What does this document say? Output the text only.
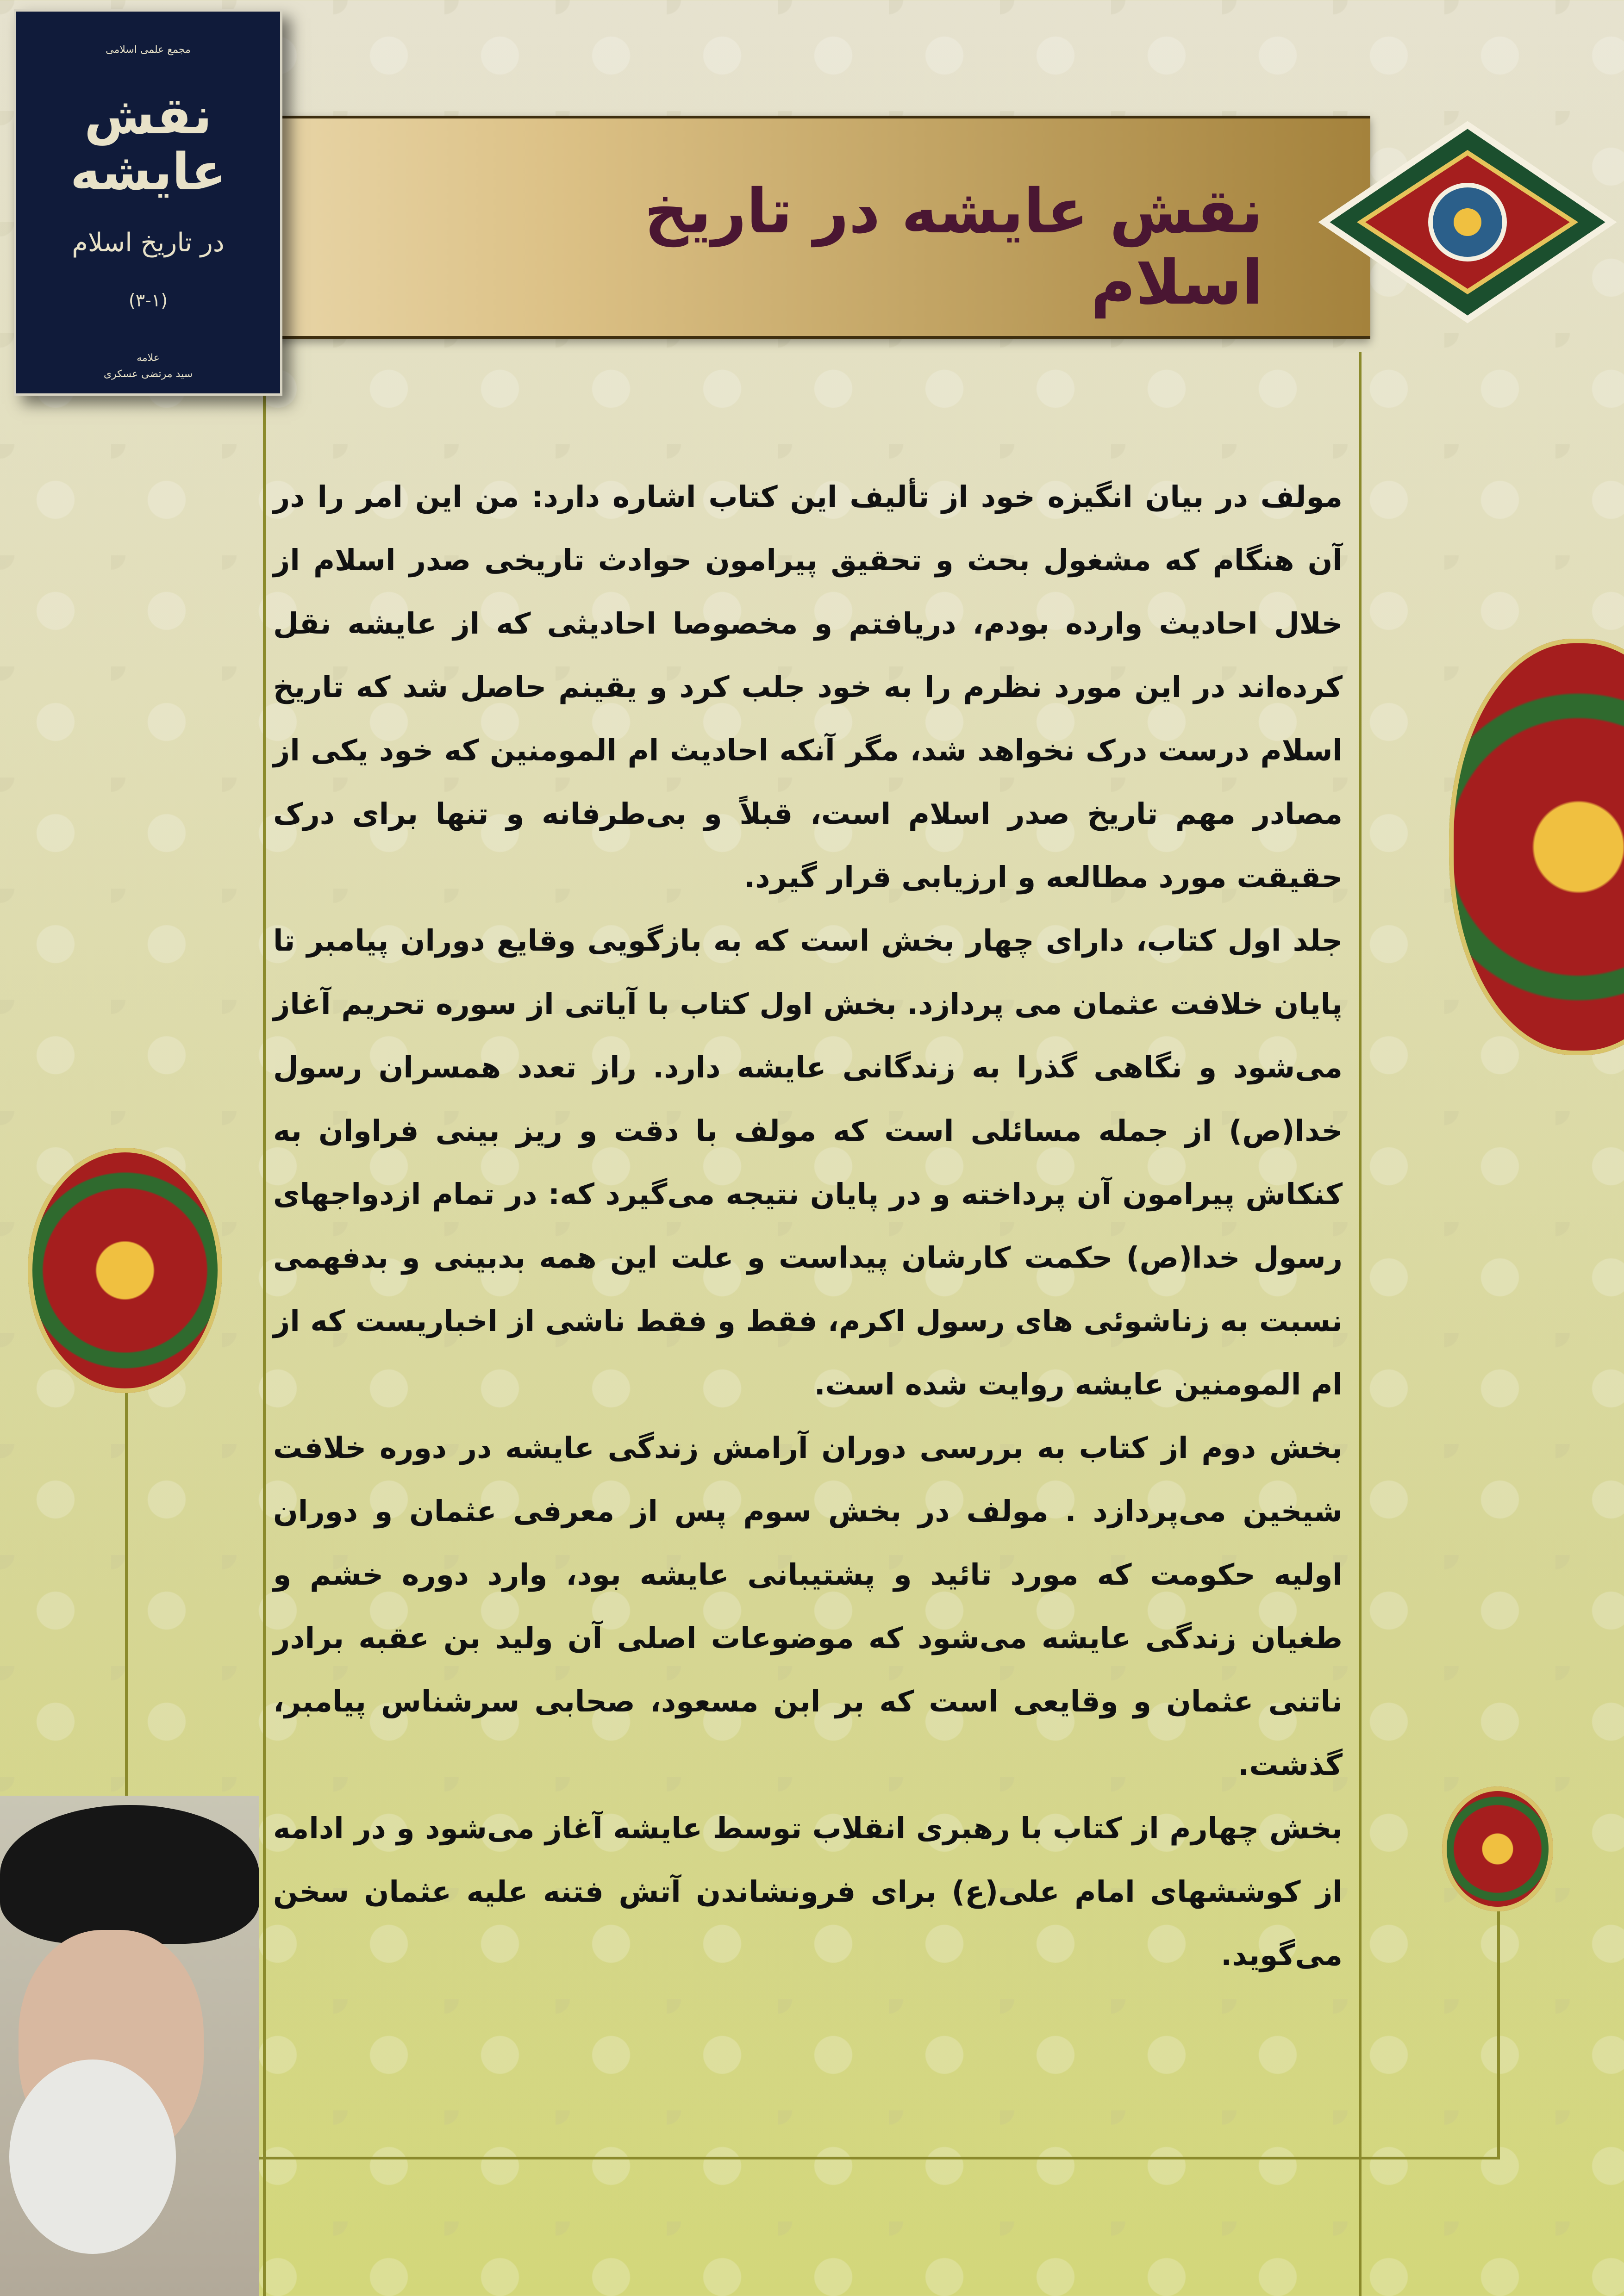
نقش عایشه در تاریخ اسلام
مجمع علمی اسلامی
نقش عایشه
در تاریخ اسلام
(۳-۱)
علامه
سید مرتضی عسکری

مولف در بیان انگیزه خود از تألیف این کتاب اشاره دارد: من این امر را در آن هنگام که مشغول بحث و تحقیق پیرامون حوادث تاریخی صدر اسلام از خلال احادیث وارده بودم، دریافتم و مخصوصا احادیثی که از عایشه نقل کرده‌اند در این مورد نظرم را به خود جلب کرد و یقینم حاصل شد که تاریخ اسلام درست درک نخواهد شد، مگر آنکه احادیث ام المومنین که خود یکی از مصادر مهم تاریخ صدر اسلام است، قبلاً و بی‌طرفانه و تنها برای درک حقیقت مورد مطالعه و ارزیابی قرار گیرد.

جلد اول کتاب، دارای چهار بخش است که به بازگویی وقایع دوران پیامبر تا پایان خلافت عثمان می پردازد. بخش اول کتاب با آیاتی از سوره تحریم آغاز می‌شود و نگاهی گذرا به زندگانی عایشه دارد. راز تعدد همسران رسول خدا(ص) از جمله مسائلی است که مولف با دقت و ریز بینی فراوان به کنکاش پیرامون آن پرداخته و در پایان نتیجه می‌گیرد که: در تمام ازدواجهای رسول خدا(ص) حکمت کارشان پیداست و علت این همه بدبینی و بدفهمی نسبت به زناشوئی های رسول اکرم، فقط و فقط ناشی از اخباریست که از ام المومنین عایشه روایت شده است.

بخش دوم از کتاب به بررسی دوران آرامش زندگی عایشه در دوره خلافت شیخین می‌پردازد . مولف در بخش سوم پس از معرفی عثمان و دوران اولیه حکومت که مورد تائید و پشتیبانی عایشه بود، وارد دوره خشم و طغیان زندگی عایشه می‌شود که موضوعات اصلی آن ولید بن عقبه برادر ناتنی عثمان و وقایعی است که بر ابن مسعود، صحابی سرشناس پیامبر، گذشت.

بخش چهارم از کتاب با رهبری انقلاب توسط عایشه آغاز می‌شود و در ادامه از کوششهای امام علی(ع) برای فرونشاندن آتش فتنه علیه عثمان سخن می‌گوید.
